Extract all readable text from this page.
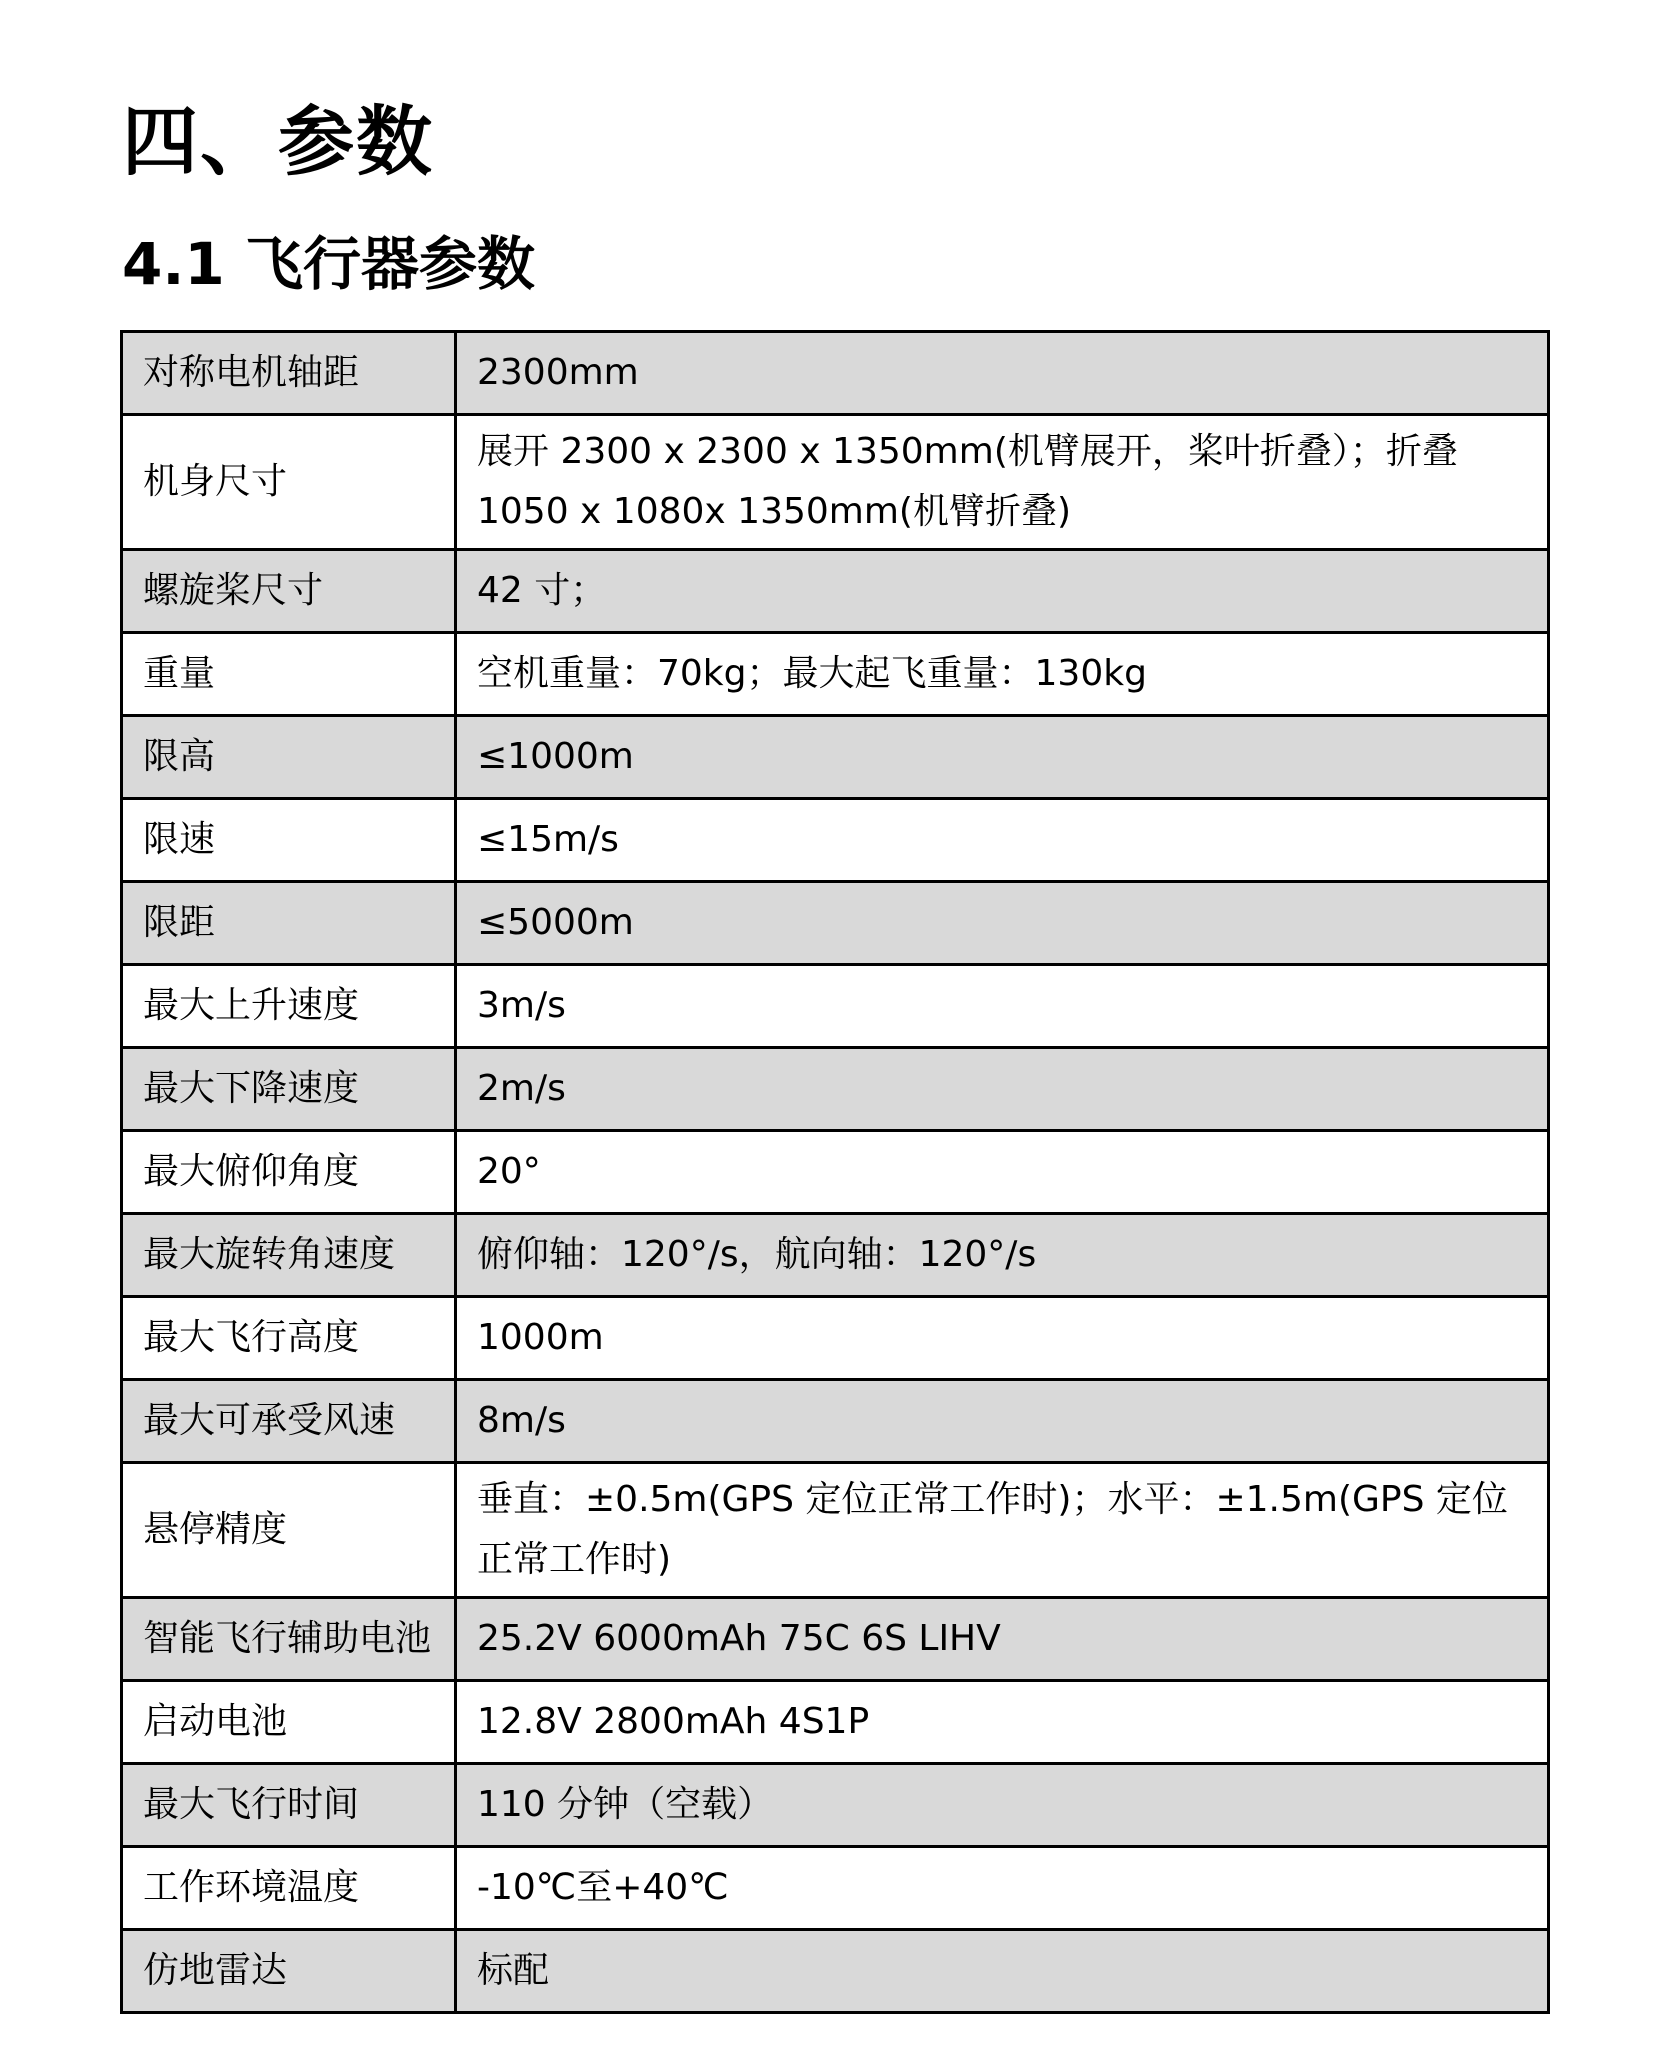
四、参数
4.1 飞行器参数
对称电机轴距	2300mm
机身尺寸	展开 2300 x 2300 x 1350mm(机臂展开，桨叶折叠）；折叠 1050 x 1080x 1350mm(机臂折叠)
螺旋桨尺寸	42 寸；
重量	空机重量：70kg；最大起飞重量：130kg
限高	≤1000m
限速	≤15m/s
限距	≤5000m
最大上升速度	3m/s
最大下降速度	2m/s
最大俯仰角度	20°
最大旋转角速度	俯仰轴：120°/s，航向轴：120°/s
最大飞行高度	1000m
最大可承受风速	8m/s
悬停精度	垂直：±0.5m(GPS 定位正常工作时)；水平：±1.5m(GPS 定位正常工作时)
智能飞行辅助电池	25.2V 6000mAh 75C 6S LIHV
启动电池	12.8V 2800mAh 4S1P
最大飞行时间	110 分钟（空载）
工作环境温度	-10℃至+40℃
仿地雷达	标配
